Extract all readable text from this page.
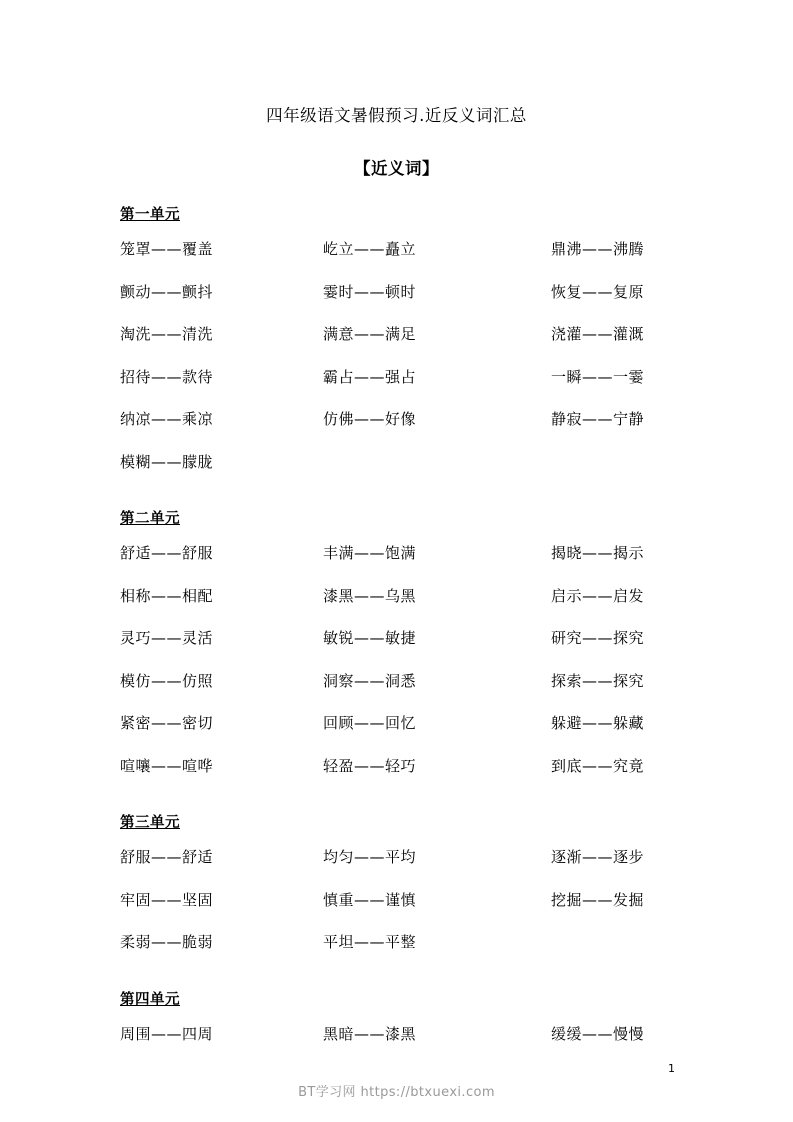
四年级语文暑假预习.近反义词汇总
【近义词】
第一单元
笼罩——覆盖	屹立——矗立	鼎沸——沸腾
颤动——颤抖	霎时——顿时	恢复——复原
淘洗——清洗	满意——满足	浇灌——灌溉
招待——款待	霸占——强占	一瞬——一霎
纳凉——乘凉	仿佛——好像	静寂——宁静
模糊——朦胧
第二单元
舒适——舒服	丰满——饱满	揭晓——揭示
相称——相配	漆黑——乌黑	启示——启发
灵巧——灵活	敏锐——敏捷	研究——探究
模仿——仿照	洞察——洞悉	探索——探究
紧密——密切	回顾——回忆	躲避——躲藏
喧嚷——喧哗	轻盈——轻巧	到底——究竟
第三单元
舒服——舒适	均匀——平均	逐渐——逐步
牢固——坚固	慎重——谨慎	挖掘——发掘
柔弱——脆弱	平坦——平整
第四单元
周围——四周	黑暗——漆黑	缓缓——慢慢
1
BT学习网 https://btxuexi.com
